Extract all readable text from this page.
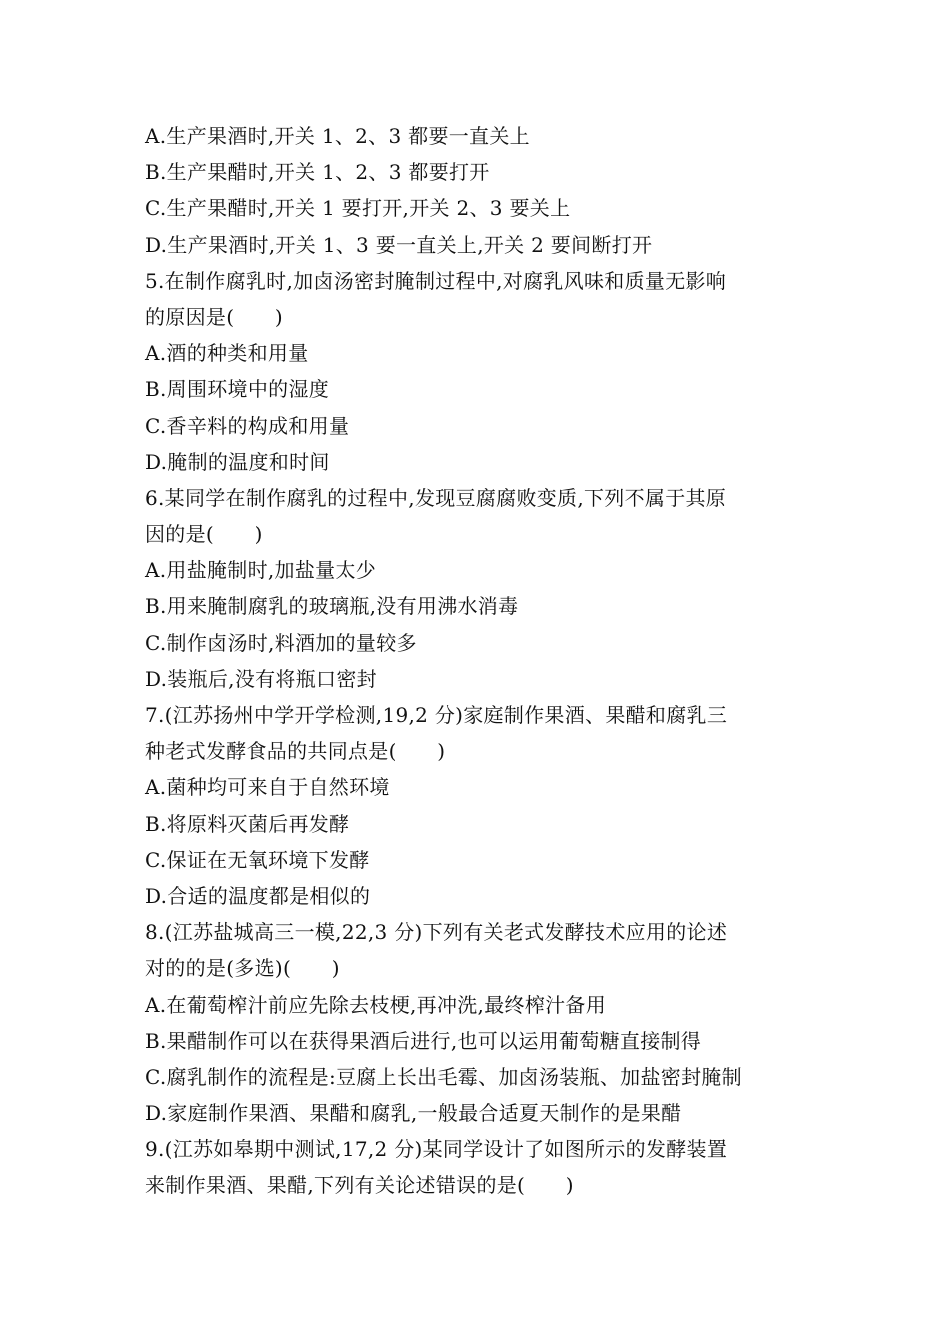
A.生产果酒时,开关 1、2、3 都要一直关上
B.生产果醋时,开关 1、2、3 都要打开
C.生产果醋时,开关 1 要打开,开关 2、3 要关上
D.生产果酒时,开关 1、3 要一直关上,开关 2 要间断打开
5.在制作腐乳时,加卤汤密封腌制过程中,对腐乳风味和质量无影响
的原因是(　　)
A.酒的种类和用量
B.周围环境中的湿度
C.香辛料的构成和用量
D.腌制的温度和时间
6.某同学在制作腐乳的过程中,发现豆腐腐败变质,下列不属于其原
因的是(　　)
A.用盐腌制时,加盐量太少
B.用来腌制腐乳的玻璃瓶,没有用沸水消毒
C.制作卤汤时,料酒加的量较多
D.装瓶后,没有将瓶口密封
7.(江苏扬州中学开学检测,19,2 分)家庭制作果酒、果醋和腐乳三
种老式发酵食品的共同点是(　　)
A.菌种均可来自于自然环境
B.将原料灭菌后再发酵
C.保证在无氧环境下发酵
D.合适的温度都是相似的
8.(江苏盐城高三一模,22,3 分)下列有关老式发酵技术应用的论述
对的的是(多选)(　　)
A.在葡萄榨汁前应先除去枝梗,再冲洗,最终榨汁备用
B.果醋制作可以在获得果酒后进行,也可以运用葡萄糖直接制得
C.腐乳制作的流程是:豆腐上长出毛霉、加卤汤装瓶、加盐密封腌制
D.家庭制作果酒、果醋和腐乳,一般最合适夏天制作的是果醋
9.(江苏如皋期中测试,17,2 分)某同学设计了如图所示的发酵装置
来制作果酒、果醋,下列有关论述错误的是(　　)
